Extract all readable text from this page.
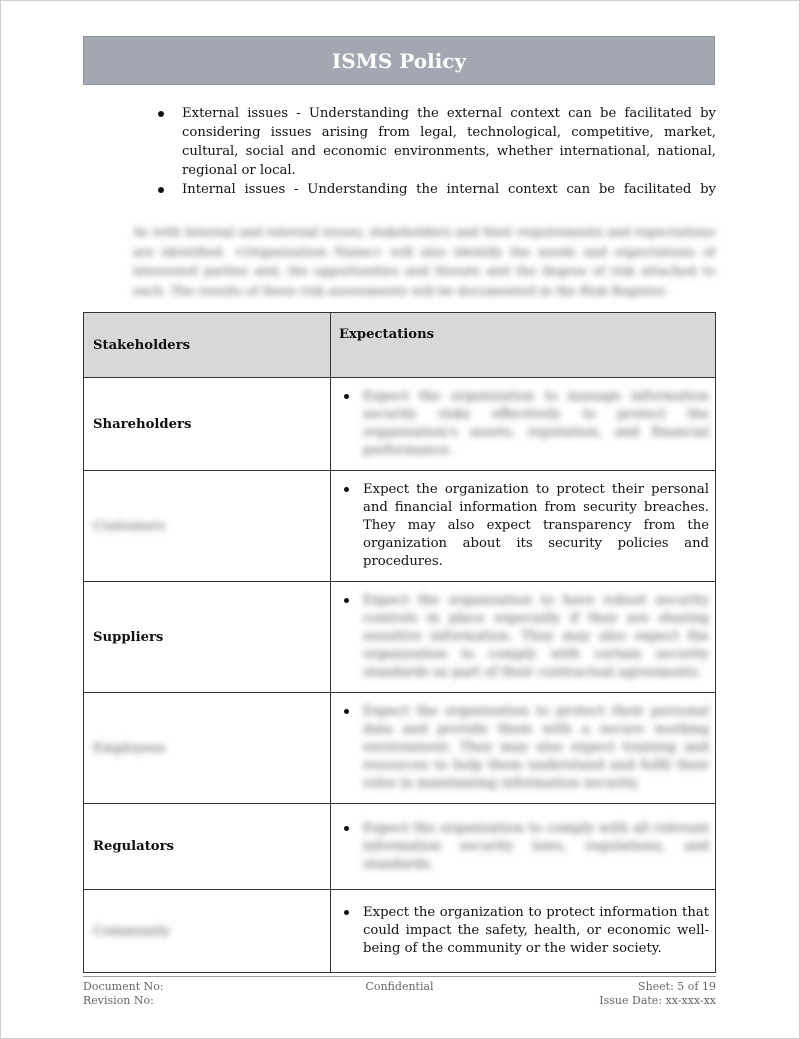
ISMS Policy
External issues - Understanding the external context can be facilitated by considering issues arising from legal, technological, competitive, market, cultural, social and economic environments, whether international, national, regional or local.
Internal issues - Understanding the internal context can be facilitated by
As with internal and external issues, stakeholders and their requirements and expectations are identified. <Organization Name> will also identify the needs and expectations of interested parties and, the opportunities and threats and the degree of risk attached to each. The results of these risk assessments will be documented in the Risk Register.
Stakeholders	Expectations
Shareholders	Expect the organization to manage information security risks effectively to protect the organization's assets, reputation, and financial performance.

Customers	Expect the organization to protect their personal and financial information from security breaches. They may also expect transparency from the organization about its security policies and procedures.

Suppliers	Expect the organization to have robust security controls in place especially if they are sharing sensitive information. They may also expect the organization to comply with certain security standards as part of their contractual agreements.

Employees	Expect the organization to protect their personal data and provide them with a secure working environment. They may also expect training and resources to help them understand and fulfil their roles in maintaining information security.

Regulators	Expect the organization to comply with all relevant information security laws, regulations, and standards.

Community	Expect the organization to protect information that could impact the safety, health, or economic well-being of the community or the wider society.
Document No:	Confidential	Sheet: 5 of 19
Revision No:	Issue Date: xx-xxx-xx
